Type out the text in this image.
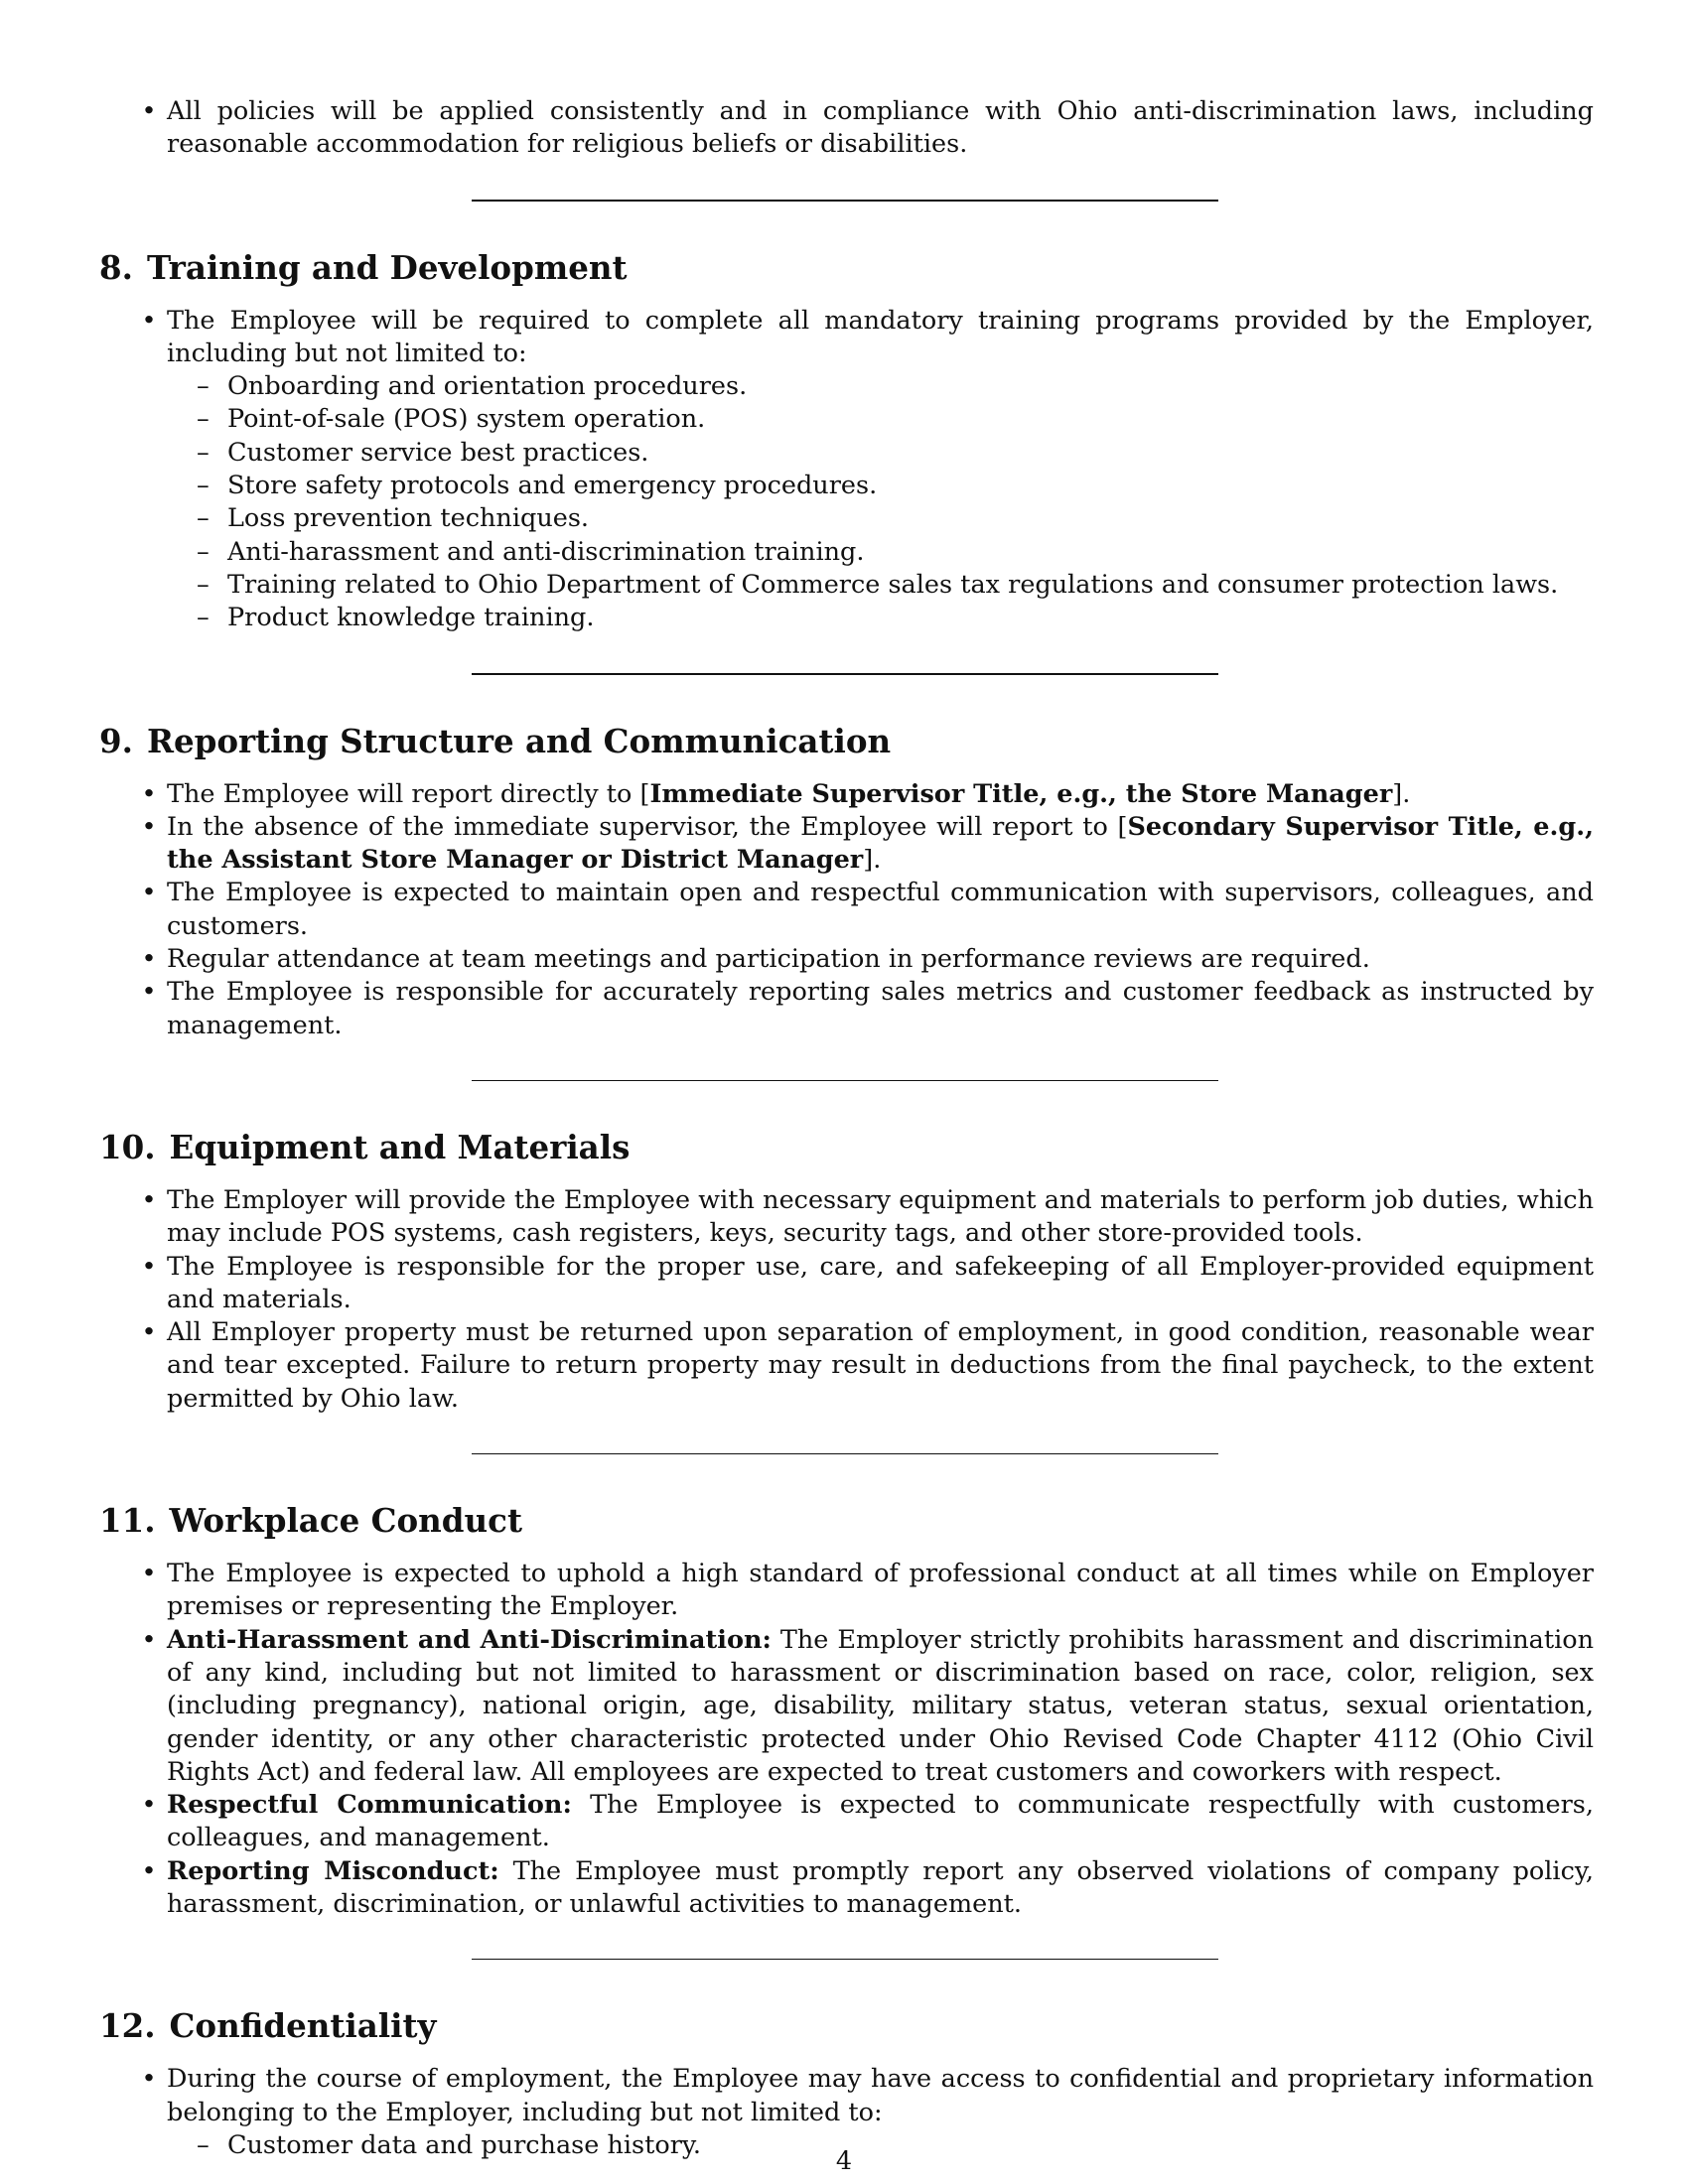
• All policies will be applied consistently and in compliance with Ohio anti-discrimination laws, including reasonable accommodation for religious beliefs or disabilities.
8. Training and Development
• The Employee will be required to complete all mandatory training programs provided by the Employer, including but not limited to:
– Onboarding and orientation procedures.
– Point-of-sale (POS) system operation.
– Customer service best practices.
– Store safety protocols and emergency procedures.
– Loss prevention techniques.
– Anti-harassment and anti-discrimination training.
– Training related to Ohio Department of Commerce sales tax regulations and consumer protection laws.
– Product knowledge training.
9. Reporting Structure and Communication
• The Employee will report directly to [Immediate Supervisor Title, e.g., the Store Manager].
• In the absence of the immediate supervisor, the Employee will report to [Secondary Supervisor Title, e.g., the Assistant Store Manager or District Manager].
• The Employee is expected to maintain open and respectful communication with supervisors, colleagues, and customers.
• Regular attendance at team meetings and participation in performance reviews are required.
• The Employee is responsible for accurately reporting sales metrics and customer feedback as instructed by management.
10. Equipment and Materials
• The Employer will provide the Employee with necessary equipment and materials to perform job duties, which may include POS systems, cash registers, keys, security tags, and other store-provided tools.
• The Employee is responsible for the proper use, care, and safekeeping of all Employer-provided equipment and materials.
• All Employer property must be returned upon separation of employment, in good condition, reasonable wear and tear excepted. Failure to return property may result in deductions from the final paycheck, to the extent permitted by Ohio law.
11. Workplace Conduct
• The Employee is expected to uphold a high standard of professional conduct at all times while on Employer premises or representing the Employer.
• Anti-Harassment and Anti-Discrimination: The Employer strictly prohibits harassment and discrimination of any kind, including but not limited to harassment or discrimination based on race, color, religion, sex (including pregnancy), national origin, age, disability, military status, veteran status, sexual orientation, gender identity, or any other characteristic protected under Ohio Revised Code Chapter 4112 (Ohio Civil Rights Act) and federal law. All employees are expected to treat customers and coworkers with respect.
• Respectful Communication: The Employee is expected to communicate respectfully with customers, colleagues, and management.
• Reporting Misconduct: The Employee must promptly report any observed violations of company policy, harassment, discrimination, or unlawful activities to management.
12. Confidentiality
• During the course of employment, the Employee may have access to confidential and proprietary information belonging to the Employer, including but not limited to:
– Customer data and purchase history.
4
